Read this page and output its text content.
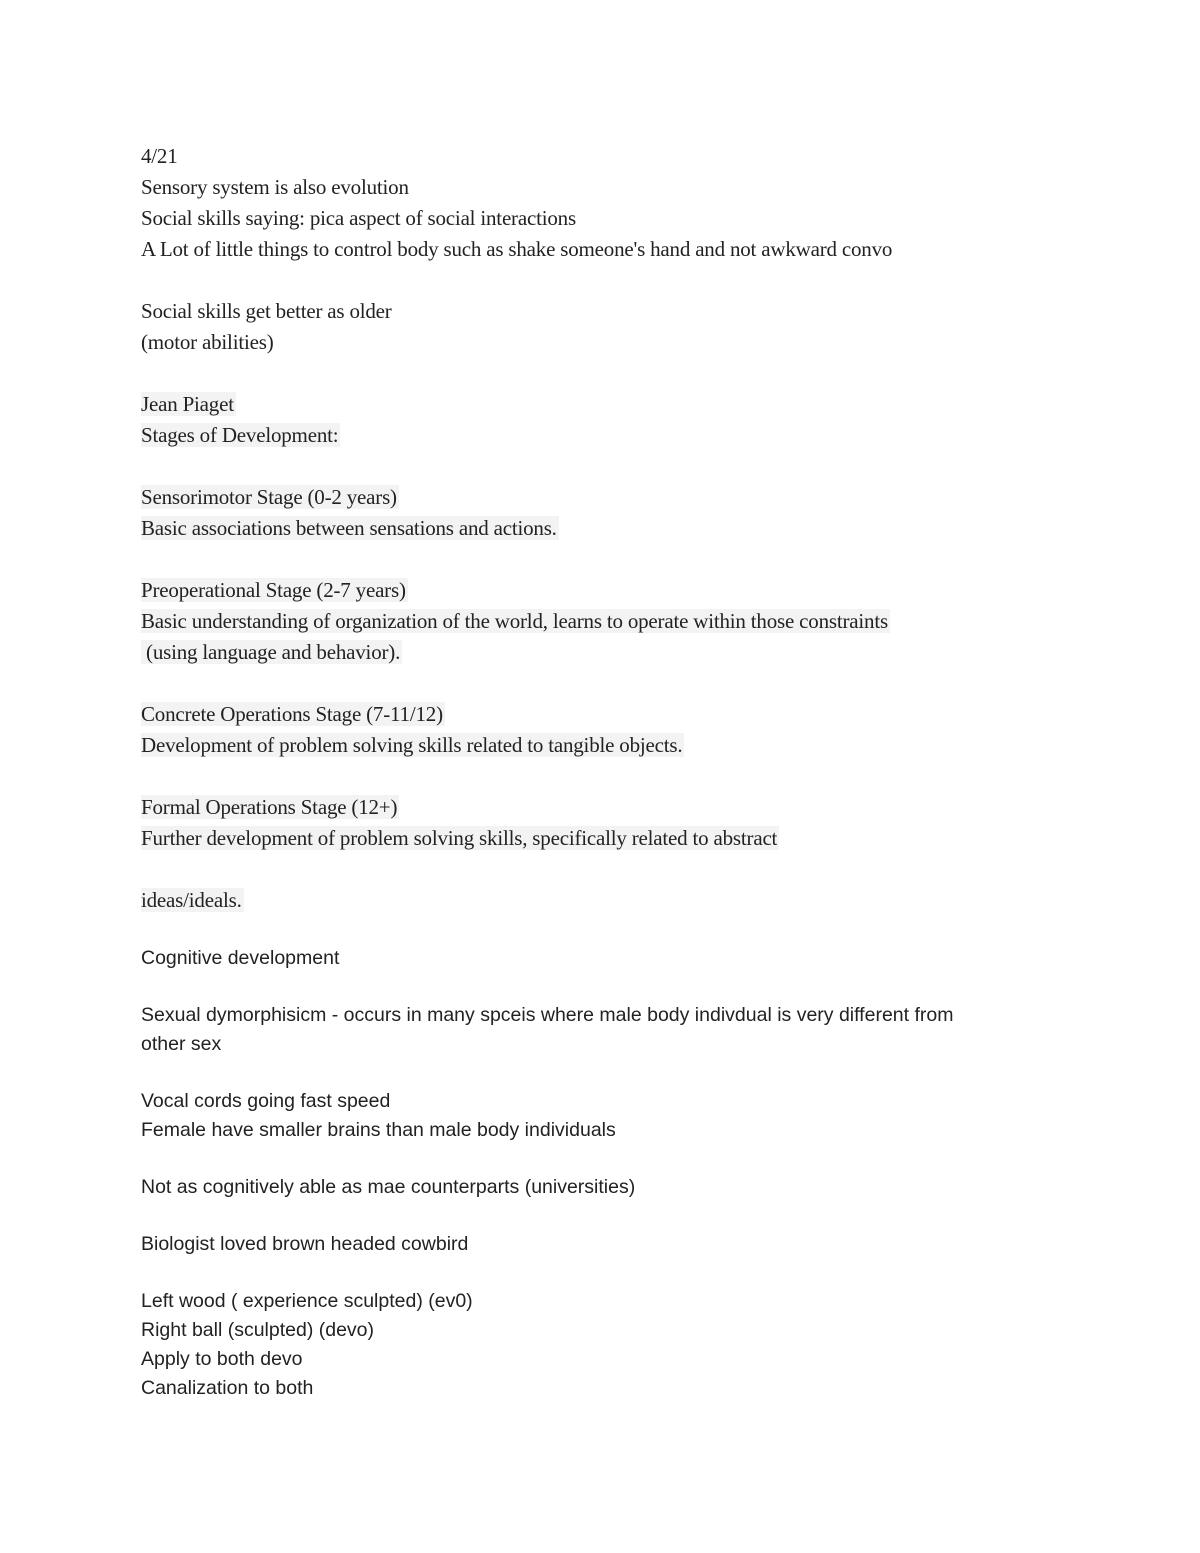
4/21
Sensory system is also evolution
Social skills saying: pica aspect of social interactions
A Lot of little things to control body such as shake someone's hand and not awkward convo
Social skills get better as older
(motor abilities)
Jean Piaget
Stages of Development:
Sensorimotor Stage (0-2 years)
Basic associations between sensations and actions.
Preoperational Stage (2-7 years)
Basic understanding of organization of the world, learns to operate within those constraints
(using language and behavior).
Concrete Operations Stage (7-11/12)
Development of problem solving skills related to tangible objects.
Formal Operations Stage (12+)
Further development of problem solving skills, specifically related to abstract
ideas/ideals.
Cognitive development
Sexual dymorphisicm - occurs in many spceis where male body indivdual is very different from
other sex
Vocal cords going fast speed
Female have smaller brains than male body individuals
Not as cognitively able as mae counterparts (universities)
Biologist loved brown headed cowbird
Left wood ( experience sculpted) (ev0)
Right ball (sculpted) (devo)
Apply to both devo
Canalization to both
